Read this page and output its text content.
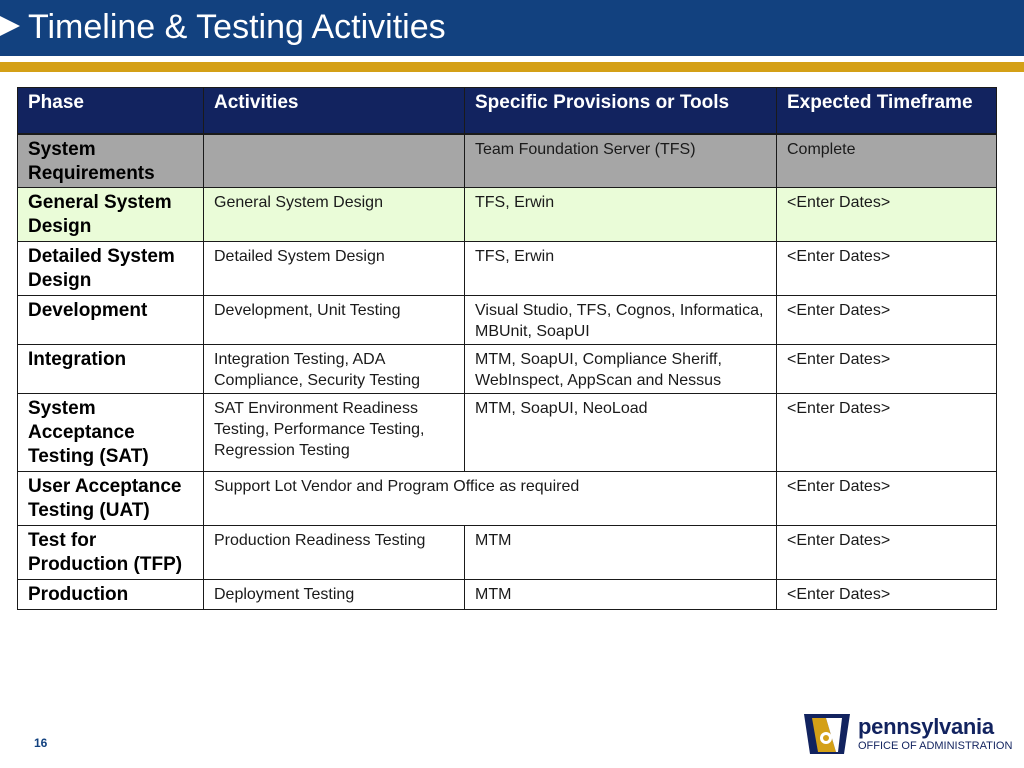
Timeline & Testing Activities
Phase	Activities	Specific Provisions or Tools	Expected Timeframe
System Requirements		Team Foundation Server (TFS)	Complete
General System Design	General System Design	TFS, Erwin	<Enter Dates>
Detailed System Design	Detailed System Design	TFS, Erwin	<Enter Dates>
Development	Development, Unit Testing	Visual Studio, TFS, Cognos, Informatica, MBUnit, SoapUI	<Enter Dates>
Integration	Integration Testing, ADA Compliance, Security Testing	MTM, SoapUI, Compliance Sheriff, WebInspect, AppScan and Nessus	<Enter Dates>
System Acceptance Testing (SAT)	SAT Environment Readiness Testing, Performance Testing, Regression Testing	MTM, SoapUI, NeoLoad	<Enter Dates>
User Acceptance Testing (UAT)	Support Lot Vendor and Program Office as required		<Enter Dates>
Test for Production (TFP)	Production Readiness Testing	MTM	<Enter Dates>
Production	Deployment Testing	MTM	<Enter Dates>
16
pennsylvania
OFFICE OF ADMINISTRATION
